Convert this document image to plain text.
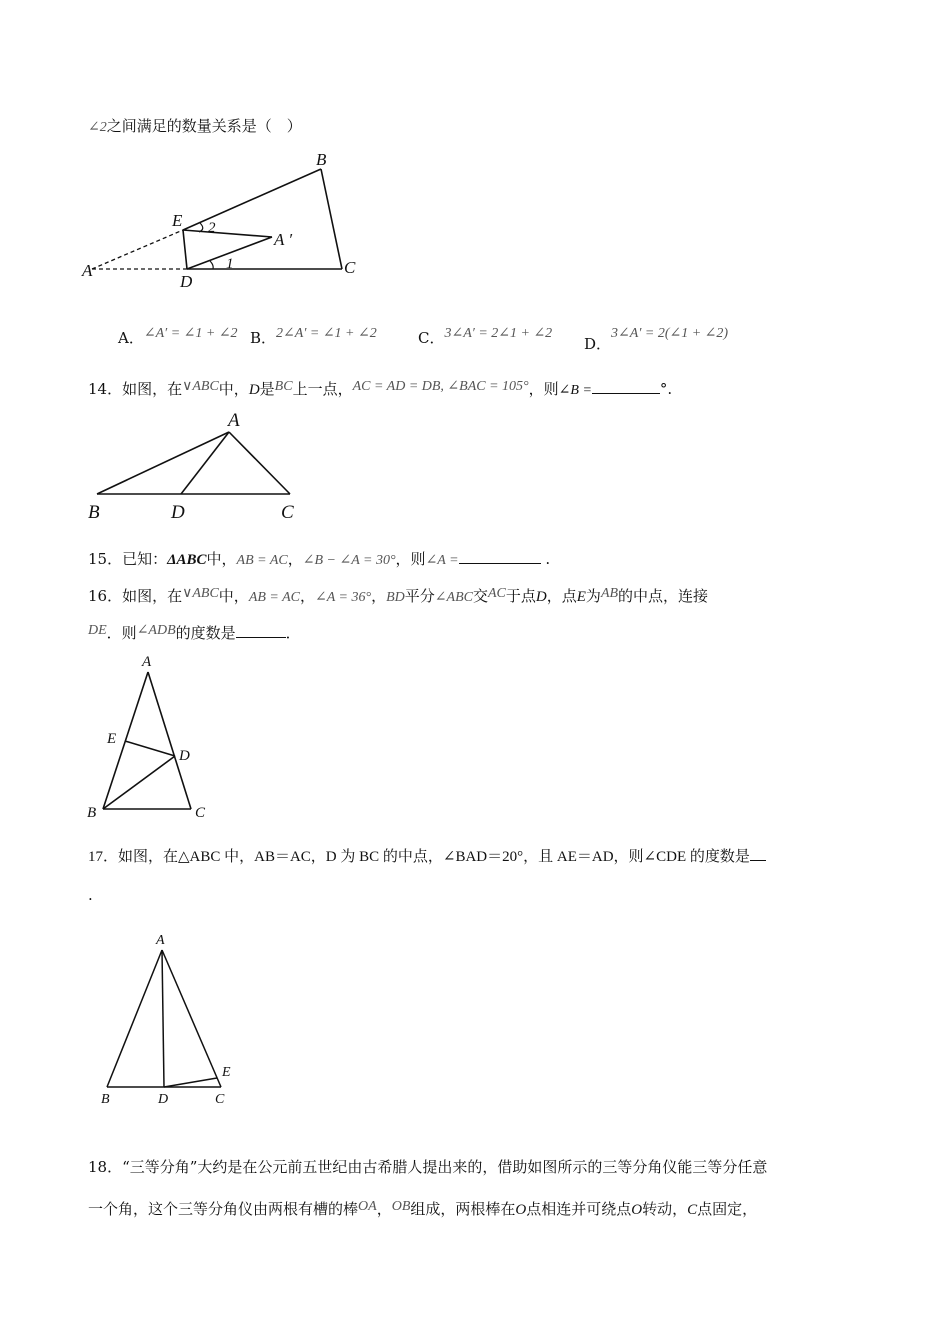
∠2之间满足的数量关系是（　）
A
B
C
D
E
A ′
1
2
A．∠A′ = ∠1 + ∠2 B．2∠A′ = ∠1 + ∠2	C．3∠A′ = 2∠1 + ∠2
D．3∠A′ = 2(∠1 + ∠2)
14．如图，在∨ABC中，D是BC上一点，AC = AD = DB, ∠BAC = 105°，则∠B =	°.
A
B	D	C
15．已知：ΔABC中，AB = AC，∠B − ∠A = 30°，则∠A =	.
16．如图，在∨ABC中，AB = AC，∠A = 36°，BD平分∠ABC交AC于点D，点E为AB的中点，连接
DE．则∠ADB的度数是	．
A
E
D
B	C
17．如图，在△ABC 中，AB＝AC，D 为 BC 的中点，∠BAD＝20°，且 AE＝AD，则∠CDE 的度数是
.
A
E
B	D	C
18．“三等分角”大约是在公元前五世纪由古希腊人提出来的，借助如图所示的三等分角仪能三等分任意
一个角，这个三等分角仪由两根有槽的棒OA，OB组成，两根棒在O点相连并可绕点O转动，C点固定，
